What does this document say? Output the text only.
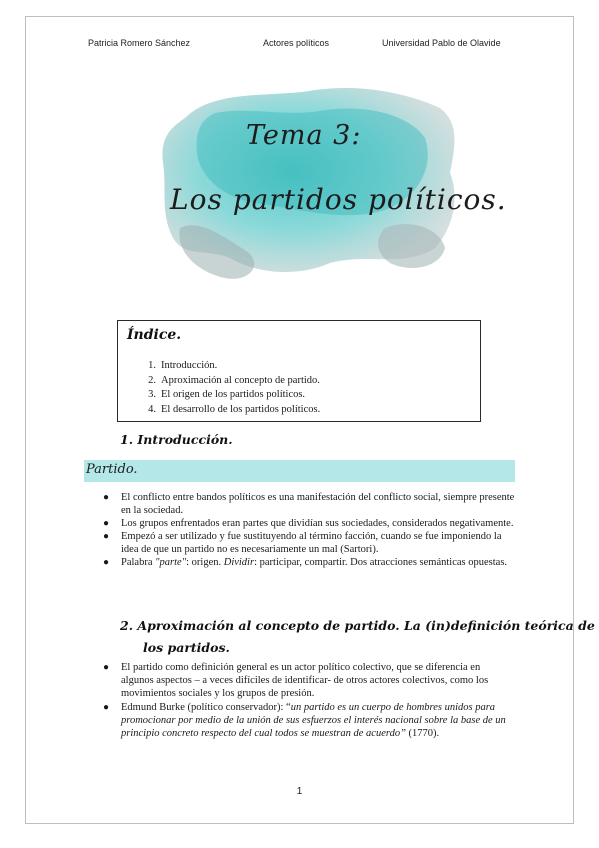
Patricia Romero Sánchez	Actores políticos	Universidad Pablo de Olavide
Tema 3:
Los partidos políticos.
Índice.
1. Introducción.
2. Aproximación al concepto de partido.
3. El origen de los partidos políticos.
4. El desarrollo de los partidos políticos.
1. Introducción.
Partido.
● El conflicto entre bandos políticos es una manifestación del conflicto social, siempre presente en la sociedad.
● Los grupos enfrentados eran partes que dividían sus sociedades, considerados negativamente.
● Empezó a ser utilizado y fue sustituyendo al término facción, cuando se fue imponiendo la idea de que un partido no es necesariamente un mal (Sartori).
● Palabra "parte": origen. Dividir: participar, compartir. Dos atracciones semánticas opuestas.
2. Aproximación al concepto de partido. La (in)definición teórica de
los partidos.
● El partido como definición general es un actor político colectivo, que se diferencia en algunos aspectos – a veces difíciles de identificar- de otros actores colectivos, como los movimientos sociales y los grupos de presión.
● Edmund Burke (político conservador): “un partido es un cuerpo de hombres unidos para promocionar por medio de la unión de sus esfuerzos el interés nacional sobre la base de un principio concreto respecto del cual todos se muestran de acuerdo” (1770).
1
